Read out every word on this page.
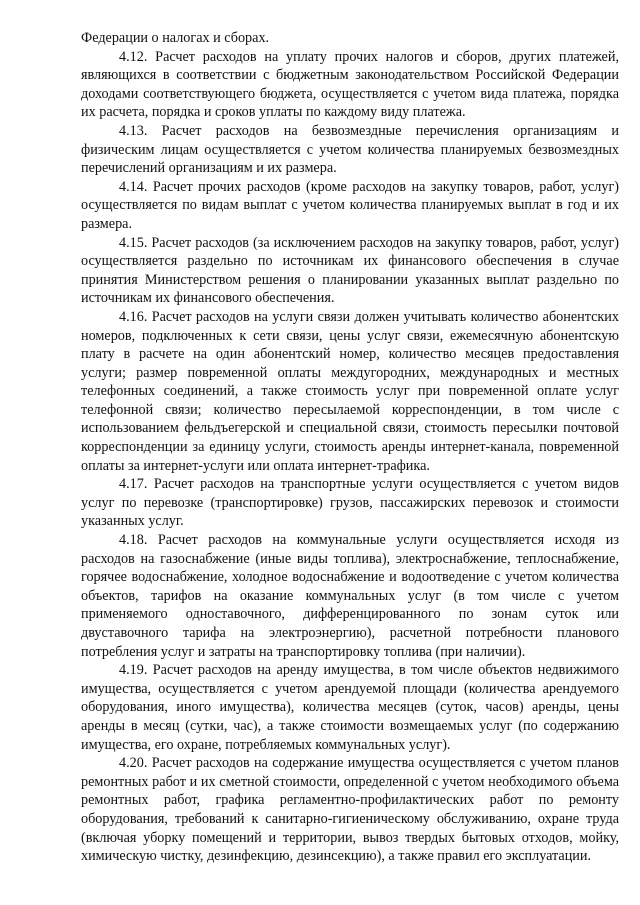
Федерации о налогах и сборах.

4.12. Расчет расходов на уплату прочих налогов и сборов, других платежей, являющихся в соответствии с бюджетным законодательством Российской Федерации доходами соответствующего бюджета, осуществляется с учетом вида платежа, порядка их расчета, порядка и сроков уплаты по каждому виду платежа.

4.13. Расчет расходов на безвозмездные перечисления организациям и физическим лицам осуществляется с учетом количества планируемых безвозмездных перечислений организациям и их размера.

4.14. Расчет прочих расходов (кроме расходов на закупку товаров, работ, услуг) осуществляется по видам выплат с учетом количества планируемых выплат в год и их размера.

4.15. Расчет расходов (за исключением расходов на закупку товаров, работ, услуг) осуществляется раздельно по источникам их финансового обеспечения в случае принятия Министерством решения о планировании указанных выплат раздельно по источникам их финансового обеспечения.

4.16. Расчет расходов на услуги связи должен учитывать количество абонентских номеров, подключенных к сети связи, цены услуг связи, ежемесячную абонентскую плату в расчете на один абонентский номер, количество месяцев предоставления услуги; размер повременной оплаты междугородних, международных и местных телефонных соединений, а также стоимость услуг при повременной оплате услуг телефонной связи; количество пересылаемой корреспонденции, в том числе с использованием фельдъегерской и специальной связи, стоимость пересылки почтовой корреспонденции за единицу услуги, стоимость аренды интернет-канала, повременной оплаты за интернет-услуги или оплата интернет-трафика.

4.17. Расчет расходов на транспортные услуги осуществляется с учетом видов услуг по перевозке (транспортировке) грузов, пассажирских перевозок и стоимости указанных услуг.

4.18. Расчет расходов на коммунальные услуги осуществляется исходя из расходов на газоснабжение (иные виды топлива), электроснабжение, теплоснабжение, горячее водоснабжение, холодное водоснабжение и водоотведение с учетом количества объектов, тарифов на оказание коммунальных услуг (в том числе с учетом применяемого одноставочного, дифференцированного по зонам суток или двуставочного тарифа на электроэнергию), расчетной потребности планового потребления услуг и затраты на транспортировку топлива (при наличии).

4.19. Расчет расходов на аренду имущества, в том числе объектов недвижимого имущества, осуществляется с учетом арендуемой площади (количества арендуемого оборудования, иного имущества), количества месяцев (суток, часов) аренды, цены аренды в месяц (сутки, час), а также стоимости возмещаемых услуг (по содержанию имущества, его охране, потребляемых коммунальных услуг).

4.20. Расчет расходов на содержание имущества осуществляется с учетом планов ремонтных работ и их сметной стоимости, определенной с учетом необходимого объема ремонтных работ, графика регламентно-профилактических работ по ремонту оборудования, требований к санитарно-гигиеническому обслуживанию, охране труда (включая уборку помещений и территории, вывоз твердых бытовых отходов, мойку, химическую чистку, дезинфекцию, дезинсекцию), а также правил его эксплуатации.
